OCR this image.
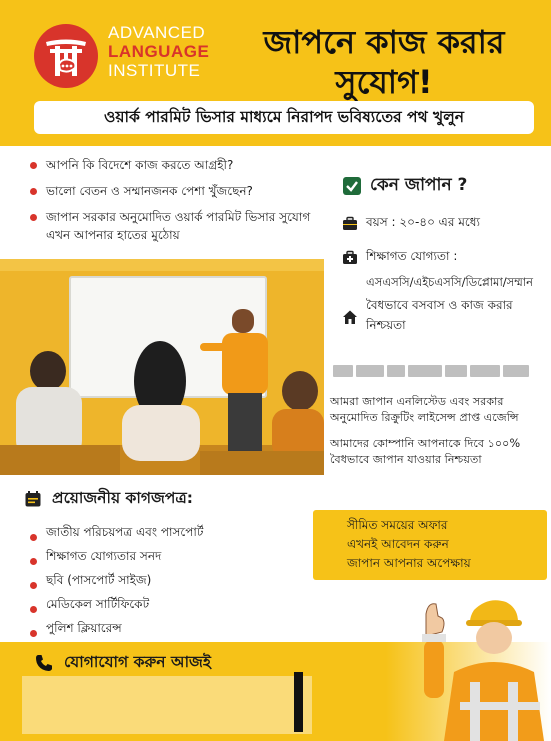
ADVANCED
LANGUAGE
INSTITUTE
জাপনে কাজ করার
সুযোগ!
ওয়ার্ক পারমিট ভিসার মাধ্যমে নিরাপদ ভবিষ্যতের পথ খুলুন
আপনি কি বিদেশে কাজ করতে আগ্রহী?
ভালো বেতন ও সম্মানজনক পেশা খুঁজছেন?
জাপান সরকার অনুমোদিত ওয়ার্ক পারমিট ভিসার সুযোগ এখন আপনার হাতের মুঠোয়
কেন জাপান ?
বয়স : ২০-৪০ এর মধ্যে
শিক্ষাগত যোগ্যতা :
এসএসসি/এইচএসসি/ডিপ্লোমা/সম্মান
বৈধভাবে বসবাস ও কাজ করার নিশ্চয়তা

আমরা জাপান এনলিস্টেড এবং সরকার অনুমোদিত রিক্রুটিং লাইসেন্স প্রাপ্ত এজেন্সি

আমাদের কোম্পানি আপনাকে দিবে ১০০% বৈধভাবে জাপান যাওয়ার নিশ্চয়তা

প্রয়োজনীয় কাগজপত্র:
জাতীয় পরিচয়পত্র এবং পাসপোর্ট
শিক্ষাগত যোগ্যতার সনদ
ছবি (পাসপোর্ট সাইজ)
মেডিকেল সার্টিফিকেট
পুলিশ ক্লিয়ারেন্স
সীমিত সময়ের অফার
এখনই আবেদন করুন
জাপান আপনার অপেক্ষায়
যোগাযোগ করুন আজই
